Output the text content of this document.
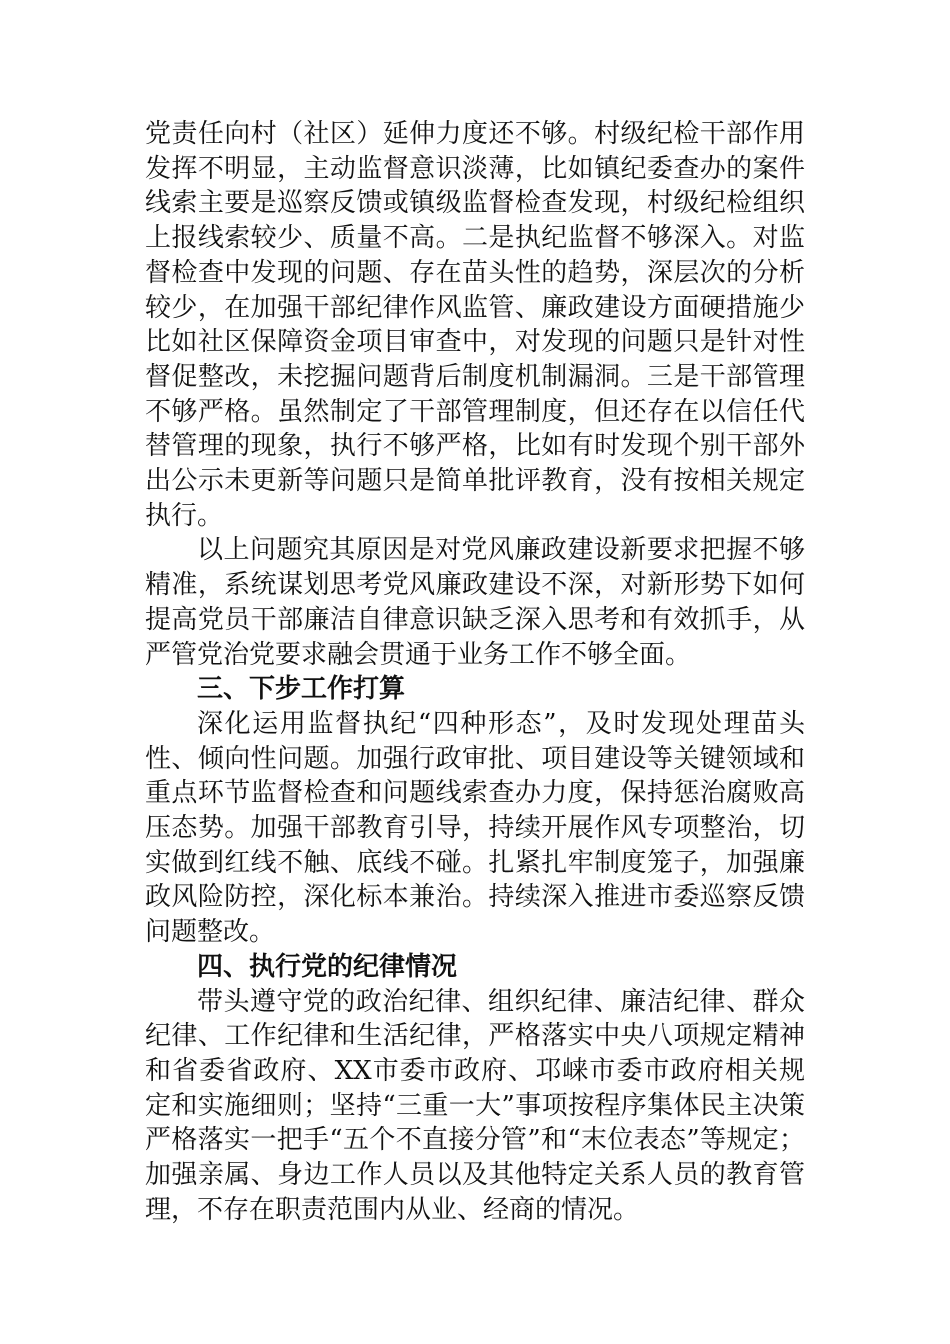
党责任向村（社区）延伸力度还不够。村级纪检干部作用发挥不明显，主动监督意识淡薄，比如镇纪委查办的案件线索主要是巡察反馈或镇级监督检查发现，村级纪检组织上报线索较少、质量不高。二是执纪监督不够深入。对监督检查中发现的问题、存在苗头性的趋势，深层次的分析较少，在加强干部纪律作风监管、廉政建设方面硬措施少比如社区保障资金项目审查中，对发现的问题只是针对性督促整改，未挖掘问题背后制度机制漏洞。三是干部管理不够严格。虽然制定了干部管理制度，但还存在以信任代替管理的现象，执行不够严格，比如有时发现个别干部外出公示未更新等问题只是简单批评教育，没有按相关规定执行。

以上问题究其原因是对党风廉政建设新要求把握不够精准，系统谋划思考党风廉政建设不深，对新形势下如何提高党员干部廉洁自律意识缺乏深入思考和有效抓手，从严管党治党要求融会贯通于业务工作不够全面。

三、下步工作打算

深化运用监督执纪“四种形态”，及时发现处理苗头性、倾向性问题。加强行政审批、项目建设等关键领域和重点环节监督检查和问题线索查办力度，保持惩治腐败高压态势。加强干部教育引导，持续开展作风专项整治，切实做到红线不触、底线不碰。扎紧扎牢制度笼子，加强廉政风险防控，深化标本兼治。持续深入推进市委巡察反馈问题整改。

四、执行党的纪律情况

带头遵守党的政治纪律、组织纪律、廉洁纪律、群众纪律、工作纪律和生活纪律，严格落实中央八项规定精神和省委省政府、XX市委市政府、邛崃市委市政府相关规定和实施细则；坚持“三重一大”事项按程序集体民主决策严格落实一把手“五个不直接分管”和“末位表态”等规定；加强亲属、身边工作人员以及其他特定关系人员的教育管理，不存在职责范围内从业、经商的情况。
